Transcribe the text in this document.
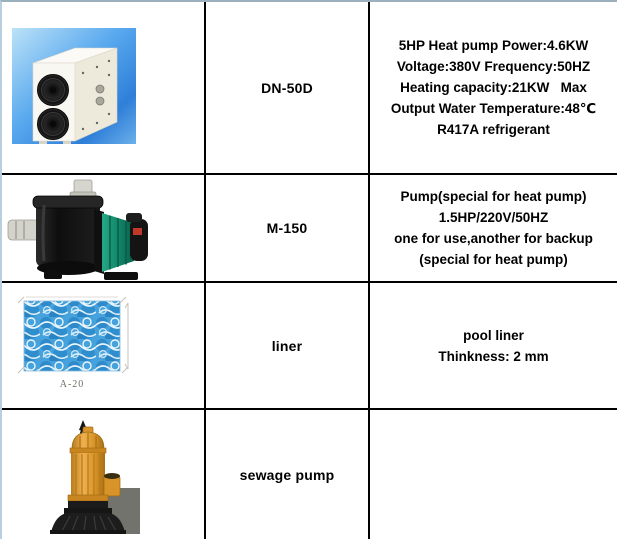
DN-50D
5HP Heat pump Power:4.6KW
Voltage:380V Frequency:50HZ
Heating capacity:21KW   Max
Output Water Temperature:48℃
R417A refrigerant
M-150
Pump(special for heat pump)
1.5HP/220V/50HZ
one for use,another for backup
(special for heat pump)
A-20
liner
pool liner
Thinkness: 2 mm
sewage pump
